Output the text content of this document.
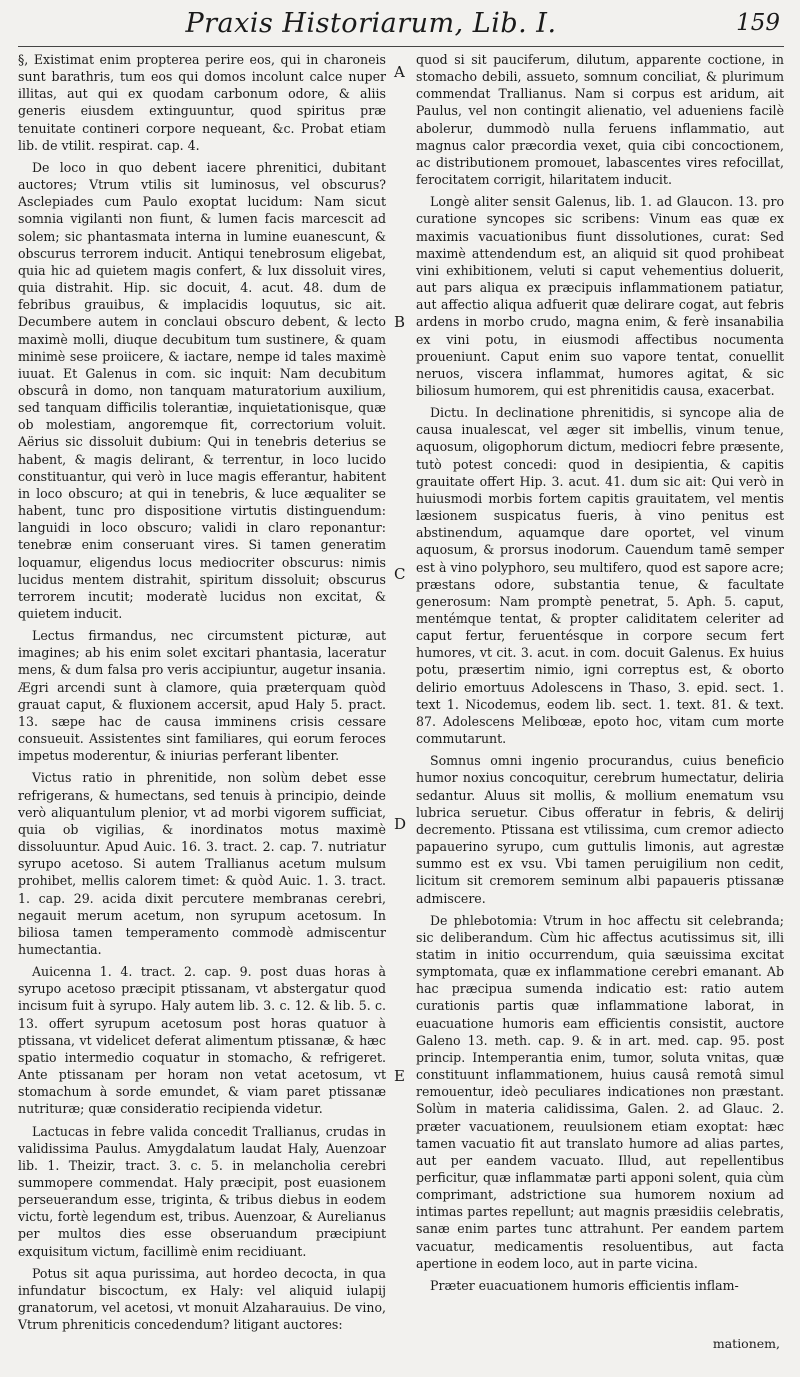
Praxis Historiarum, Lib. I.	159

§, Existimat enim propterea perire eos, qui in charoneis sunt barathris, tum eos qui domos incolunt calce nuper illitas, aut qui ex quodam carbonum odore, & aliis generis eiusdem extinguuntur, quod spiritus præ tenuitate contineri corpore nequeant, &c. Probat etiam lib. de vtilit. respirat. cap. 4.

De loco in quo debent iacere phrenitici, dubitant auctores; Vtrum vtilis sit luminosus, vel obscurus? Asclepiades cum Paulo exoptat lucidum: Nam sicut somnia vigilanti non fiunt, & lumen facis marcescit ad solem; sic phantasmata interna in lumine euanescunt, & obscurus terrorem inducit. Antiqui tenebrosum eligebat, quia hic ad quietem magis confert, & lux dissoluit vires, quia distrahit. Hip. sic docuit, 4. acut. 48. dum de febribus grauibus, & implacidis loquutus, sic ait. Decumbere autem in conclaui obscuro debent, & lecto maximè molli, diuque decubitum tum sustinere, & quam minimè sese proiicere, & iactare, nempe id tales maximè iuuat. Et Galenus in com. sic inquit: Nam decubitum obscurâ in domo, non tanquam maturatorium auxilium, sed tanquam difficilis tolerantiæ, inquietationisque, quæ ob molestiam, angoremque fit, correctorium voluit. Aërius sic dissoluit dubium: Qui in tenebris deterius se habent, & magis delirant, & terrentur, in loco lucido constituantur, qui verò in luce magis efferantur, habitent in loco obscuro; at qui in tenebris, & luce æqualiter se habent, tunc pro dispositione virtutis distinguendum: languidi in loco obscuro; validi in claro reponantur: tenebræ enim conseruant vires. Si tamen generatim loquamur, eligendus locus mediocriter obscurus: nimis lucidus mentem distrahit, spiritum dissoluit; obscurus terrorem incutit; moderatè lucidus non excitat, & quietem inducit.

Lectus firmandus, nec circumstent picturæ, aut imagines; ab his enim solet excitari phantasia, laceratur mens, & dum falsa pro veris accipiuntur, augetur insania. Ægri arcendi sunt à clamore, quia præterquam quòd grauat caput, & fluxionem accersit, apud Haly 5. pract. 13. sæpe hac de causa imminens crisis cessare consueuit. Assistentes sint familiares, qui eorum feroces impetus moderentur, & iniurias perferant libenter.

Victus ratio in phrenitide, non solùm debet esse refrigerans, & humectans, sed tenuis à principio, deinde verò aliquantulum plenior, vt ad morbi vigorem sufficiat, quia ob vigilias, & inordinatos motus maximè dissoluuntur. Apud Auic. 16. 3. tract. 2. cap. 7. nutriatur syrupo acetoso. Si autem Trallianus acetum mulsum prohibet, mellis calorem timet: & quòd Auic. 1. 3. tract. 1. cap. 29. acida dixit percutere membranas cerebri, negauit merum acetum, non syrupum acetosum. In biliosa tamen temperamento commodè admiscentur humectantia.

Auicenna 1. 4. tract. 2. cap. 9. post duas horas à syrupo acetoso præcipit ptissanam, vt abstergatur quod incisum fuit à syrupo. Haly autem lib. 3. c. 12. & lib. 5. c. 13. offert syrupum acetosum post horas quatuor à ptissana, vt videlicet deferat alimentum ptissanæ, & hæc spatio intermedio coquatur in stomacho, & refrigeret. Ante ptissanam per horam non vetat acetosum, vt stomachum à sorde emundet, & viam paret ptissanæ nutrituræ; quæ consideratio recipienda videtur.

Lactucas in febre valida concedit Trallianus, crudas in validissima Paulus. Amygdalatum laudat Haly, Auenzoar lib. 1. Theizir, tract. 3. c. 5. in melancholia cerebri summopere commendat. Haly præcipit, post euasionem perseuerandum esse, triginta, & tribus diebus in eodem victu, fortè legendum est, tribus. Auenzoar, & Aurelianus per multos dies esse obseruandum præcipiunt exquisitum victum, facillimè enim recidiuant.

Potus sit aqua purissima, aut hordeo decocta, in qua infundatur biscoctum, ex Haly: vel aliquid iulapij granatorum, vel acetosi, vt monuit Alzaharauius. De vino, Vtrum phreniticis concedendum? litigant auctores:

A
B
C
D
E

quod si sit pauciferum, dilutum, apparente coctione, in stomacho debili, assueto, somnum conciliat, & plurimum commendat Trallianus. Nam si corpus est aridum, ait Paulus, vel non contingit alienatio, vel adueniens facilè abolerur, dummodò nulla feruens inflammatio, aut magnus calor præcordia vexet, quia cibi concoctionem, ac distributionem promouet, labascentes vires refocillat, ferocitatem corrigit, hilaritatem inducit.

Longè aliter sensit Galenus, lib. 1. ad Glaucon. 13. pro curatione syncopes sic scribens: Vinum eas quæ ex maximis vacuationibus fiunt dissolutiones, curat: Sed maximè attendendum est, an aliquid sit quod prohibeat vini exhibitionem, veluti si caput vehementius doluerit, aut pars aliqua ex præcipuis inflammationem patiatur, aut affectio aliqua adfuerit quæ delirare cogat, aut febris ardens in morbo crudo, magna enim, & ferè insanabilia ex vini potu, in eiusmodi affectibus nocumenta proueniunt. Caput enim suo vapore tentat, conuellit neruos, viscera inflammat, humores agitat, & sic biliosum humorem, qui est phrenitidis causa, exacerbat.

Dictu. In declinatione phrenitidis, si syncope alia de causa inualescat, vel æger sit imbellis, vinum tenue, aquosum, oligophorum dictum, mediocri febre præsente, tutò potest concedi: quod in desipientia, & capitis grauitate offert Hip. 3. acut. 41. dum sic ait: Qui verò in huiusmodi morbis fortem capitis grauitatem, vel mentis læsionem suspicatus fueris, à vino penitus est abstinendum, aquamque dare oportet, vel vinum aquosum, & prorsus inodorum. Cauendum tamē semper est à vino polyphoro, seu multifero, quod est sapore acre; præstans odore, substantia tenue, & facultate generosum: Nam promptè penetrat, 5. Aph. 5. caput, mentémque tentat, & propter caliditatem celeriter ad caput fertur, feruentésque in corpore secum fert humores, vt cit. 3. acut. in com. docuit Galenus. Ex huius potu, præsertim nimio, igni correptus est, & oborto delirio emortuus Adolescens in Thaso, 3. epid. sect. 1. text 1. Nicodemus, eodem lib. sect. 1. text. 81. & text. 87. Adolescens Melibœæ, epoto hoc, vitam cum morte commutarunt.

Somnus omni ingenio procurandus, cuius beneficio humor noxius concoquitur, cerebrum humectatur, deliria sedantur. Aluus sit mollis, & mollium enematum vsu lubrica seruetur. Cibus offeratur in febris, & delirij decremento. Ptissana est vtilissima, cum cremor adiecto papauerino syrupo, cum guttulis limonis, aut agrestæ summo est ex vsu. Vbi tamen peruigilium non cedit, licitum sit cremorem seminum albi papaueris ptissanæ admiscere.

De phlebotomia: Vtrum in hoc affectu sit celebranda; sic deliberandum. Cùm hic affectus acutissimus sit, illi statim in initio occurrendum, quia sæuissima excitat symptomata, quæ ex inflammatione cerebri emanant. Ab hac præcipua sumenda indicatio est: ratio autem curationis partis quæ inflammatione laborat, in euacuatione humoris eam efficientis consistit, auctore Galeno 13. meth. cap. 9. & in art. med. cap. 95. post princip. Intemperantia enim, tumor, soluta vnitas, quæ constituunt inflammationem, huius causâ remotâ simul remouentur, ideò peculiares indicationes non præstant. Solùm in materia calidissima, Galen. 2. ad Glauc. 2. præter vacuationem, reuulsionem etiam exoptat: hæc tamen vacuatio fit aut translato humore ad alias partes, aut per eandem vacuato. Illud, aut repellentibus perficitur, quæ inflammatæ parti apponi solent, quia cùm comprimant, adstrictione sua humorem noxium ad intimas partes repellunt; aut magnis præsidiis celebratis, sanæ enim partes tunc attrahunt. Per eandem partem vacuatur, medicamentis resoluentibus, aut facta apertione in eodem loco, aut in parte vicina.

Præter euacuationem humoris efficientis inflam-

mationem,
